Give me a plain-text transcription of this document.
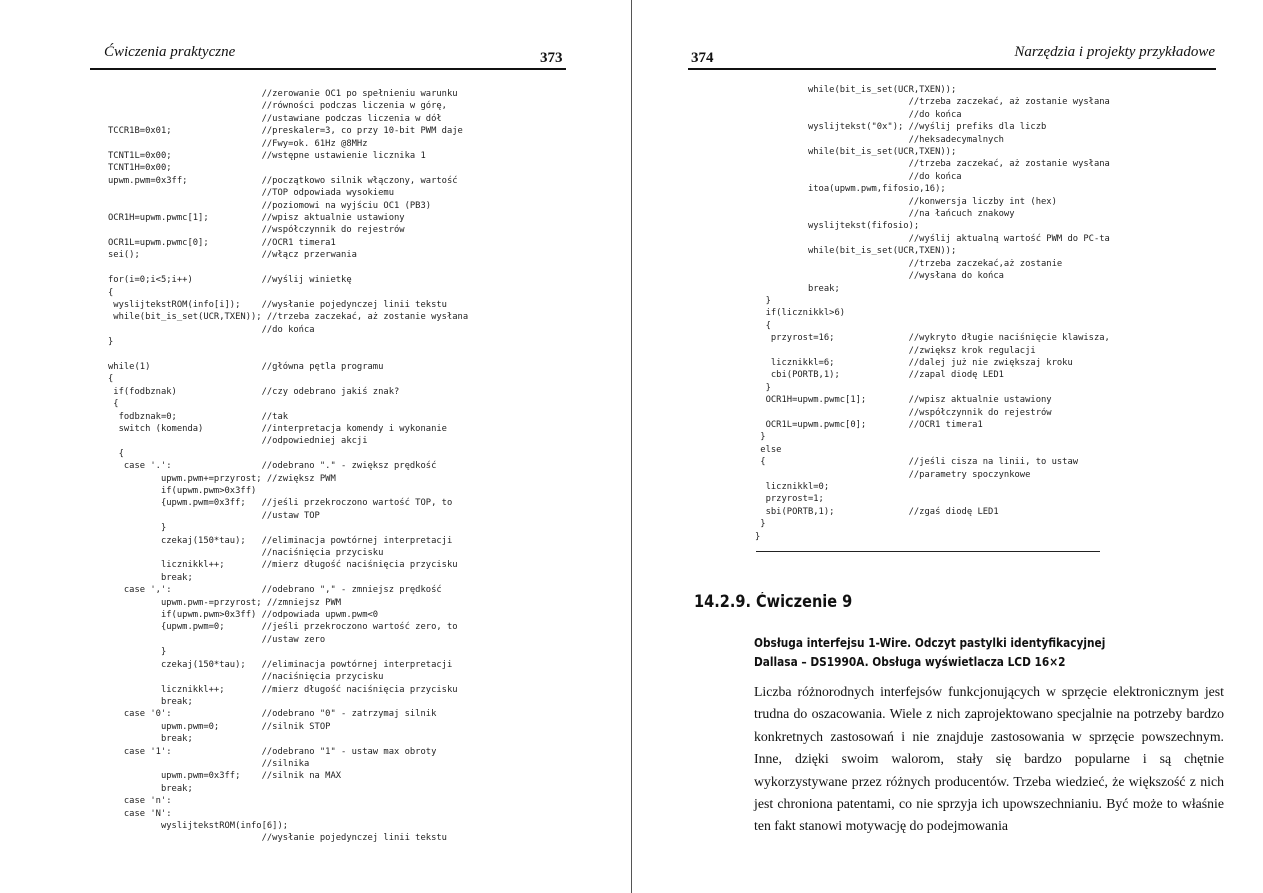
Ćwiczenia praktyczne	373
//zerowanie OC1 po spełnieniu warunku
//równości podczas liczenia w górę,
//ustawiane podczas liczenia w dół
TCCR1B=0x01;                 //preskaler=3, co przy 10-bit PWM daje
//Fwy=ok. 61Hz @8MHz
TCNT1L=0x00;                 //wstępne ustawienie licznika 1
TCNT1H=0x00;
upwm.pwm=0x3ff;              //początkowo silnik włączony, wartość
//TOP odpowiada wysokiemu
//poziomowi na wyjściu OC1 (PB3)
OCR1H=upwm.pwmc[1];          //wpisz aktualnie ustawiony
//współczynnik do rejestrów
OCR1L=upwm.pwmc[0];          //OCR1 timera1
sei();                       //włącz przerwania

for(i=0;i<5;i++)             //wyślij winietkę
{
wyslijtekstROM(info[i]);    //wysłanie pojedynczej linii tekstu
while(bit_is_set(UCR,TXEN)); //trzeba zaczekać, aż zostanie wysłana
//do końca
}

while(1)                     //główna pętla programu
{
if(fodbznak)                //czy odebrano jakiś znak?
{
fodbznak=0;                //tak
switch (komenda)           //interpretacja komendy i wykonanie
//odpowiedniej akcji
{
case '.':                 //odebrano "." - zwiększ prędkość
upwm.pwm+=przyrost; //zwiększ PWM
if(upwm.pwm>0x3ff)
{upwm.pwm=0x3ff;   //jeśli przekroczono wartość TOP, to
//ustaw TOP
}
czekaj(150*tau);   //eliminacja powtórnej interpretacji
//naciśnięcia przycisku
licznikkl++;       //mierz długość naciśnięcia przycisku
break;
case ',':                 //odebrano "," - zmniejsz prędkość
upwm.pwm-=przyrost; //zmniejsz PWM
if(upwm.pwm>0x3ff) //odpowiada upwm.pwm<0
{upwm.pwm=0;       //jeśli przekroczono wartość zero, to
//ustaw zero
}
czekaj(150*tau);   //eliminacja powtórnej interpretacji
//naciśnięcia przycisku
licznikkl++;       //mierz długość naciśnięcia przycisku
break;
case '0':                 //odebrano "0" - zatrzymaj silnik
upwm.pwm=0;        //silnik STOP
break;
case '1':                 //odebrano "1" - ustaw max obroty
//silnika
upwm.pwm=0x3ff;    //silnik na MAX
break;
case 'n':
case 'N':
wyslijtekstROM(info[6]);
//wysłanie pojedynczej linii tekstu
374	Narzędzia i projekty przykładowe
while(bit_is_set(UCR,TXEN));
//trzeba zaczekać, aż zostanie wysłana
//do końca
wyslijtekst("0x"); //wyślij prefiks dla liczb
//heksadecymalnych
while(bit_is_set(UCR,TXEN));
//trzeba zaczekać, aż zostanie wysłana
//do końca
itoa(upwm.pwm,fifosio,16);
//konwersja liczby int (hex)
//na łańcuch znakowy
wyslijtekst(fifosio);
//wyślij aktualną wartość PWM do PC-ta
while(bit_is_set(UCR,TXEN));
//trzeba zaczekać,aż zostanie
//wysłana do końca
break;
}
if(licznikkl>6)
{
przyrost=16;              //wykryto długie naciśnięcie klawisza,
//zwiększ krok regulacji
licznikkl=6;              //dalej już nie zwiększaj kroku
cbi(PORTB,1);             //zapal diodę LED1
}
OCR1H=upwm.pwmc[1];        //wpisz aktualnie ustawiony
//współczynnik do rejestrów
OCR1L=upwm.pwmc[0];        //OCR1 timera1
}
else
{                           //jeśli cisza na linii, to ustaw
//parametry spoczynkowe
licznikkl=0;
przyrost=1;
sbi(PORTB,1);              //zgaś diodę LED1
}
}
14.2.9. Ćwiczenie 9
Obsługa interfejsu 1-Wire. Odczyt pastylki identyfikacyjnej
Dallasa – DS1990A. Obsługa wyświetlacza LCD 16×2

Liczba różnorodnych interfejsów funkcjonujących w sprzęcie elektronicznym jest trudna do oszacowania. Wiele z nich zaprojektowano specjalnie na potrzeby bardzo konkretnych zastosowań i nie znajduje zastosowania w sprzęcie powszechnym. Inne, dzięki swoim walorom, stały się bardzo popularne i są chętnie wykorzystywane przez różnych producentów. Trzeba wiedzieć, że większość z nich jest chroniona patentami, co nie sprzyja ich upowszechnianiu. Być może to właśnie ten fakt stanowi motywację do podejmowania
